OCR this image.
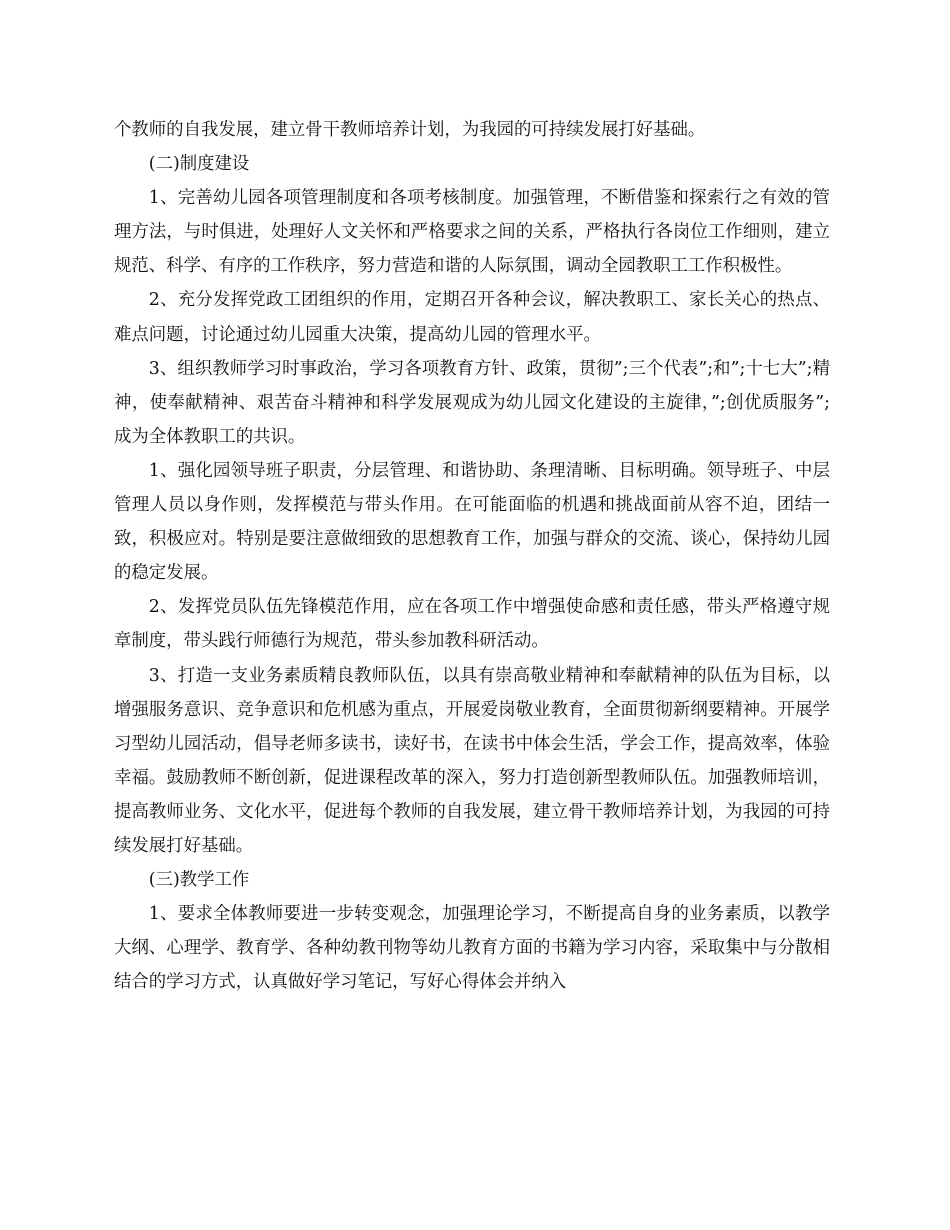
个教师的自我发展，建立骨干教师培养计划，为我园的可持续发展打好基础。

(二)制度建设

1、完善幼儿园各项管理制度和各项考核制度。加强管理，不断借鉴和探索行之有效的管理方法，与时俱进，处理好人文关怀和严格要求之间的关系，严格执行各岗位工作细则，建立规范、科学、有序的工作秩序，努力营造和谐的人际氛围，调动全园教职工工作积极性。

2、充分发挥党政工团组织的作用，定期召开各种会议，解决教职工、家长关心的热点、难点问题，讨论通过幼儿园重大决策，提高幼儿园的管理水平。

3、组织教师学习时事政治，学习各项教育方针、政策，贯彻”;三个代表”;和”;十七大”;精神，使奉献精神、艰苦奋斗精神和科学发展观成为幼儿园文化建设的主旋律，”;创优质服务”;成为全体教职工的共识。

1、强化园领导班子职责，分层管理、和谐协助、条理清晰、目标明确。领导班子、中层管理人员以身作则，发挥模范与带头作用。在可能面临的机遇和挑战面前从容不迫，团结一致，积极应对。特别是要注意做细致的思想教育工作，加强与群众的交流、谈心，保持幼儿园的稳定发展。

2、发挥党员队伍先锋模范作用，应在各项工作中增强使命感和责任感，带头严格遵守规章制度，带头践行师德行为规范，带头参加教科研活动。

3、打造一支业务素质精良教师队伍，以具有崇高敬业精神和奉献精神的队伍为目标，以增强服务意识、竞争意识和危机感为重点，开展爱岗敬业教育，全面贯彻新纲要精神。开展学习型幼儿园活动，倡导老师多读书，读好书，在读书中体会生活，学会工作，提高效率，体验幸福。鼓励教师不断创新，促进课程改革的深入，努力打造创新型教师队伍。加强教师培训，提高教师业务、文化水平，促进每个教师的自我发展，建立骨干教师培养计划，为我园的可持续发展打好基础。

(三)教学工作

1、要求全体教师要进一步转变观念，加强理论学习，不断提高自身的业务素质，以教学大纲、心理学、教育学、各种幼教刊物等幼儿教育方面的书籍为学习内容，采取集中与分散相结合的学习方式，认真做好学习笔记，写好心得体会并纳入
